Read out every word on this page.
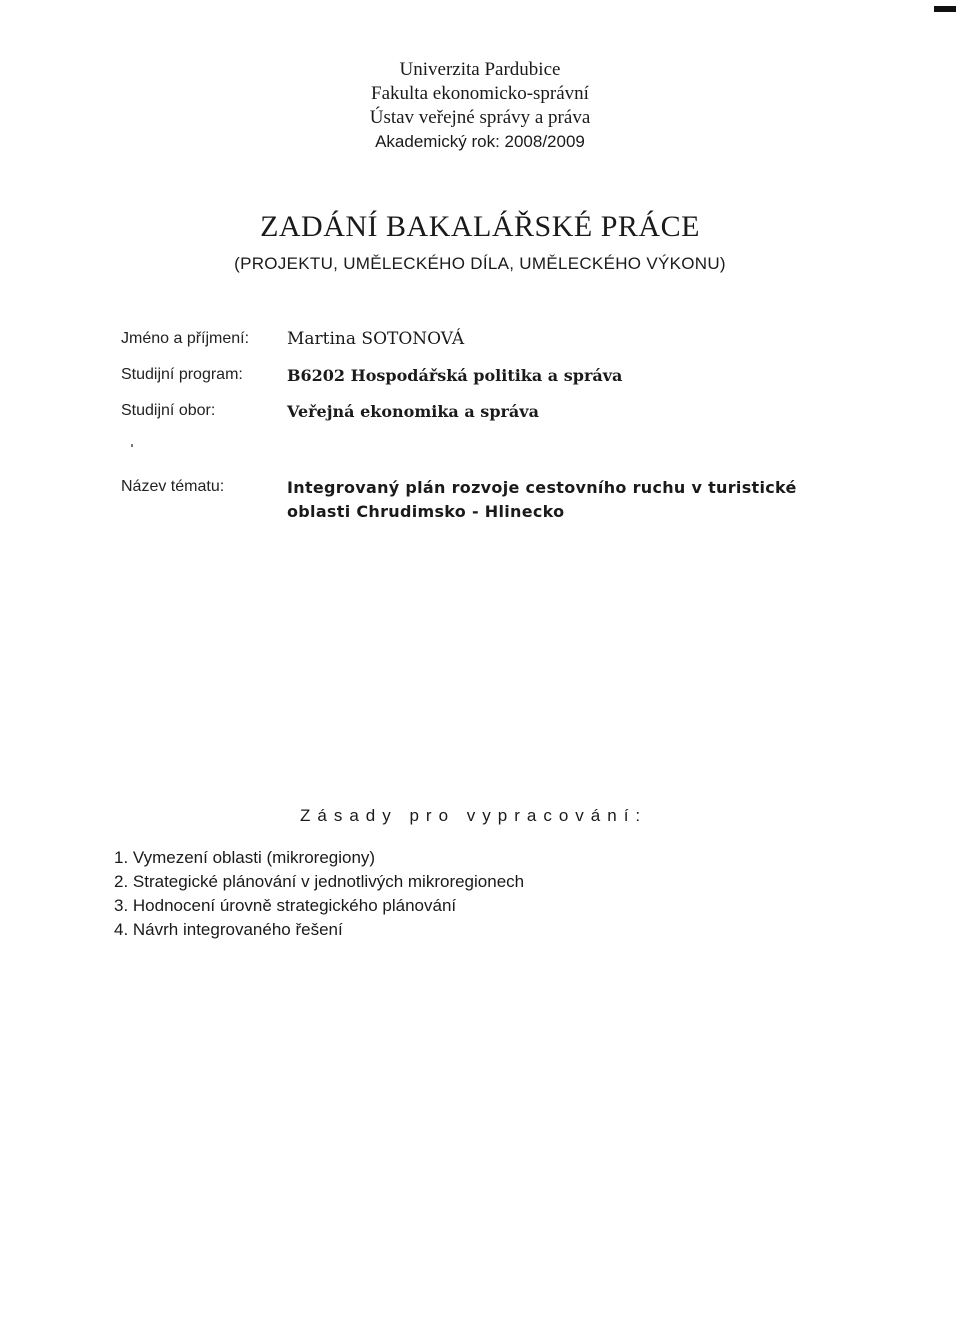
Univerzita Pardubice
Fakulta ekonomicko-správní
Ústav veřejné správy a práva
Akademický rok: 2008/2009
ZADÁNÍ BAKALÁŘSKÉ PRÁCE
(PROJEKTU, UMĚLECKÉHO DÍLA, UMĚLECKÉHO VÝKONU)
Jméno a příjmení: Martina SOTONOVÁ
Studijní program:	B6202 Hospodářská politika a správa
Studijní obor:	Veřejná ekonomika a správa
Název tématu:	Integrovaný plán rozvoje cestovního ruchu v turistické oblasti Chrudimsko - Hlinecko
Zásady pro vypracování:
1. Vymezení oblasti (mikroregiony)
2. Strategické plánování v jednotlivých mikroregionech
3. Hodnocení úrovně strategického plánování
4. Návrh integrovaného řešení
